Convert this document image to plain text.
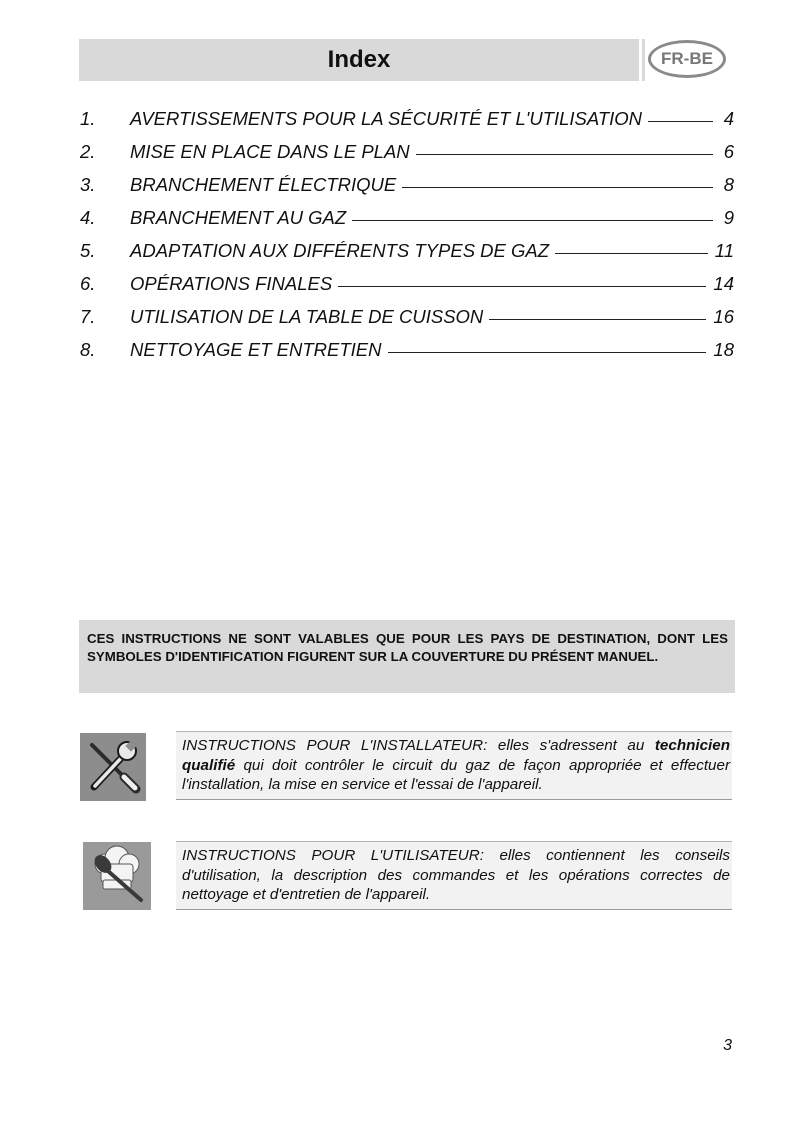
Index	FR-BE
1.	AVERTISSEMENTS POUR LA SÉCURITÉ ET L'UTILISATION	4
2.	MISE EN PLACE DANS LE PLAN	6
3.	BRANCHEMENT ÉLECTRIQUE	8
4.	BRANCHEMENT AU GAZ	9
5.	ADAPTATION AUX DIFFÉRENTS TYPES DE GAZ	11
6.	OPÉRATIONS FINALES	14
7.	UTILISATION DE LA TABLE DE CUISSON	16
8.	NETTOYAGE ET ENTRETIEN	18
CES INSTRUCTIONS NE SONT VALABLES QUE POUR LES PAYS DE DESTINATION, DONT LES SYMBOLES D'IDENTIFICATION FIGURENT SUR LA COUVERTURE DU PRÉSENT MANUEL.
INSTRUCTIONS POUR L'INSTALLATEUR: elles s'adressent au technicien qualifié qui doit contrôler le circuit du gaz de façon appropriée et effectuer l'installation, la mise en service et l'essai de l'appareil.
INSTRUCTIONS POUR L'UTILISATEUR: elles contiennent les conseils d'utilisation, la description des commandes et les opérations correctes de nettoyage et d'entretien de l'appareil.
3
